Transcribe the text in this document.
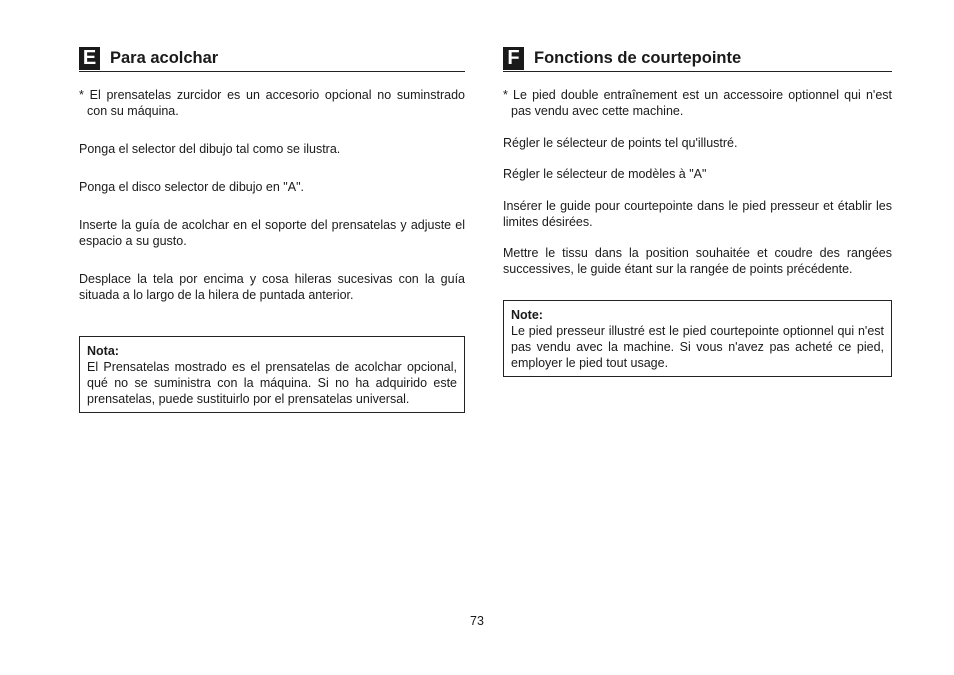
E Para acolchar

* El prensatelas zurcidor es un accesorio opcional no suminstrado con su máquina.

Ponga el selector del dibujo tal como se ilustra.

Ponga el disco selector de dibujo en "A".

Inserte la guía de acolchar en el soporte del prensatelas y adjuste el espacio a su gusto.

Desplace la tela por encima y cosa hileras sucesivas con la guía situada a lo largo de la hilera de puntada anterior.

Nota:
El Prensatelas mostrado es el prensatelas de acolchar opcional, qué no se suministra con la máquina. Si no ha adquirido este prensatelas, puede sustituirlo por el prensatelas universal.
F Fonctions de courtepointe

* Le pied double entraînement est un accessoire optionnel qui n'est pas vendu avec cette machine.

Régler le sélecteur de points tel qu'illustré.

Régler le sélecteur de modèles à "A"

Insérer le guide pour courtepointe dans le pied presseur et établir les limites désirées.

Mettre le tissu dans la position souhaitée et coudre des rangées successives, le guide étant sur la rangée de points précédente.

Note:
Le pied presseur illustré est le pied courtepointe optionnel qui n'est pas vendu avec la machine. Si vous n'avez pas acheté ce pied, employer le pied tout usage.
73
